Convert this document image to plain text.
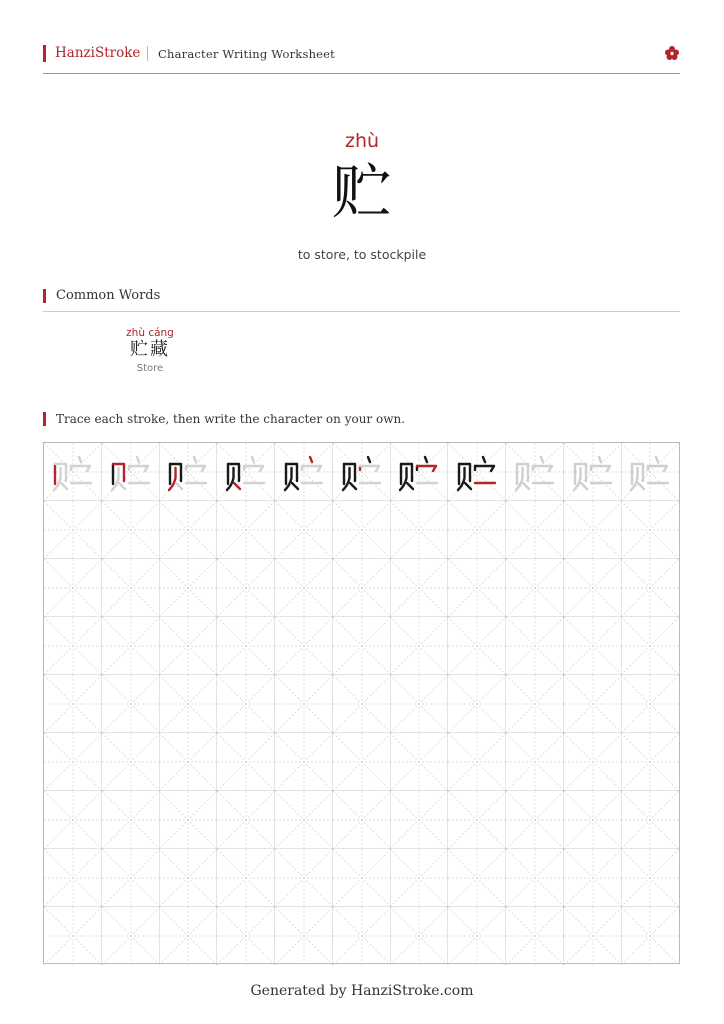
HanziStroke Character Writing Worksheet
zhù
贮
to store, to stockpile
Common Words
zhù cáng
贮藏
Store
Trace each stroke, then write the character on your own.
Generated by HanziStroke.com
